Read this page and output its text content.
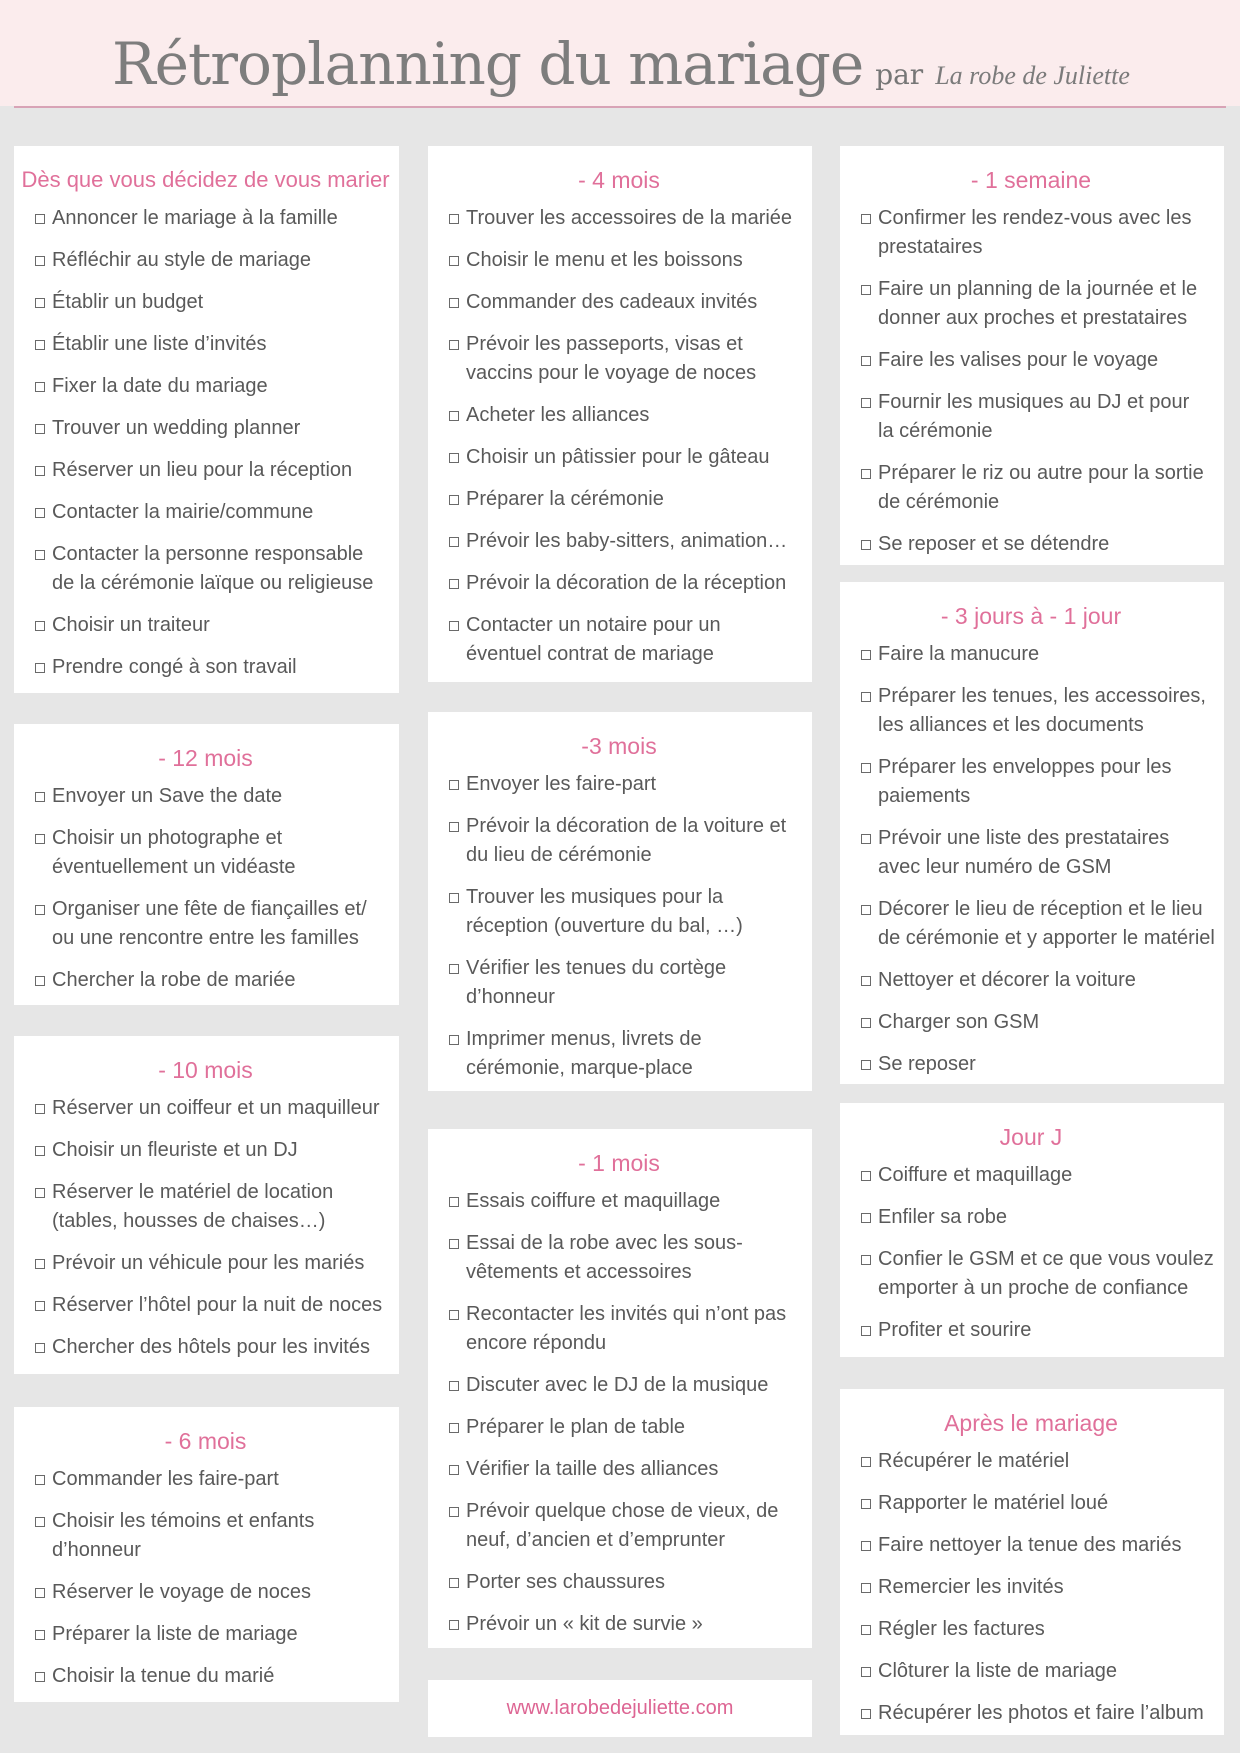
Rétroplanning du mariage par La robe de Juliette
Dès que vous décidez de vous marier
Annoncer le mariage à la famille
Réfléchir au style de mariage
Établir un budget
Établir une liste d’invités
Fixer la date du mariage
Trouver un wedding planner
Réserver un lieu pour la réception
Contacter la mairie/commune
Contacter la personne responsable
de la cérémonie laïque ou religieuse
Choisir un traiteur
Prendre congé à son travail
- 12 mois
Envoyer un Save the date
Choisir un photographe et
éventuellement un vidéaste
Organiser une fête de fiançailles et/
ou une rencontre entre les familles
Chercher la robe de mariée
- 10 mois
Réserver un coiffeur et un maquilleur
Choisir un fleuriste et un DJ
Réserver le matériel de location
(tables, housses de chaises…)
Prévoir un véhicule pour les mariés
Réserver l’hôtel pour la nuit de noces
Chercher des hôtels pour les invités
- 6 mois
Commander les faire-part
Choisir les témoins et enfants
d’honneur
Réserver le voyage de noces
Préparer la liste de mariage
Choisir la tenue du marié
- 4 mois
Trouver les accessoires de la mariée
Choisir le menu et les boissons
Commander des cadeaux invités
Prévoir les passeports, visas et
vaccins pour le voyage de noces
Acheter les alliances
Choisir un pâtissier pour le gâteau
Préparer la cérémonie
Prévoir les baby-sitters, animation…
Prévoir la décoration de la réception
Contacter un notaire pour un
éventuel contrat de mariage
-3 mois
Envoyer les faire-part
Prévoir la décoration de la voiture et
du lieu de cérémonie
Trouver les musiques pour la
réception (ouverture du bal, …)
Vérifier les tenues du cortège
d’honneur
Imprimer menus, livrets de
cérémonie, marque-place
- 1 mois
Essais coiffure et maquillage
Essai de la robe avec les sous-
vêtements et accessoires
Recontacter les invités qui n’ont pas
encore répondu
Discuter avec le DJ de la musique
Préparer le plan de table
Vérifier la taille des alliances
Prévoir quelque chose de vieux, de
neuf, d’ancien et d’emprunter
Porter ses chaussures
Prévoir un « kit de survie »
www.larobedejuliette.com
- 1 semaine
Confirmer les rendez-vous avec les
prestataires
Faire un planning de la journée et le
donner aux proches et prestataires
Faire les valises pour le voyage
Fournir les musiques au DJ et pour
la cérémonie
Préparer le riz ou autre pour la sortie
de cérémonie
Se reposer et se détendre
- 3 jours à - 1 jour
Faire la manucure
Préparer les tenues, les accessoires,
les alliances et les documents
Préparer les enveloppes pour les
paiements
Prévoir une liste des prestataires
avec leur numéro de GSM
Décorer le lieu de réception et le lieu
de cérémonie et y apporter le matériel
Nettoyer et décorer la voiture
Charger son GSM
Se reposer
Jour J
Coiffure et maquillage
Enfiler sa robe
Confier le GSM et ce que vous voulez
emporter à un proche de confiance
Profiter et sourire
Après le mariage
Récupérer le matériel
Rapporter le matériel loué
Faire nettoyer la tenue des mariés
Remercier les invités
Régler les factures
Clôturer la liste de mariage
Récupérer les photos et faire l’album
